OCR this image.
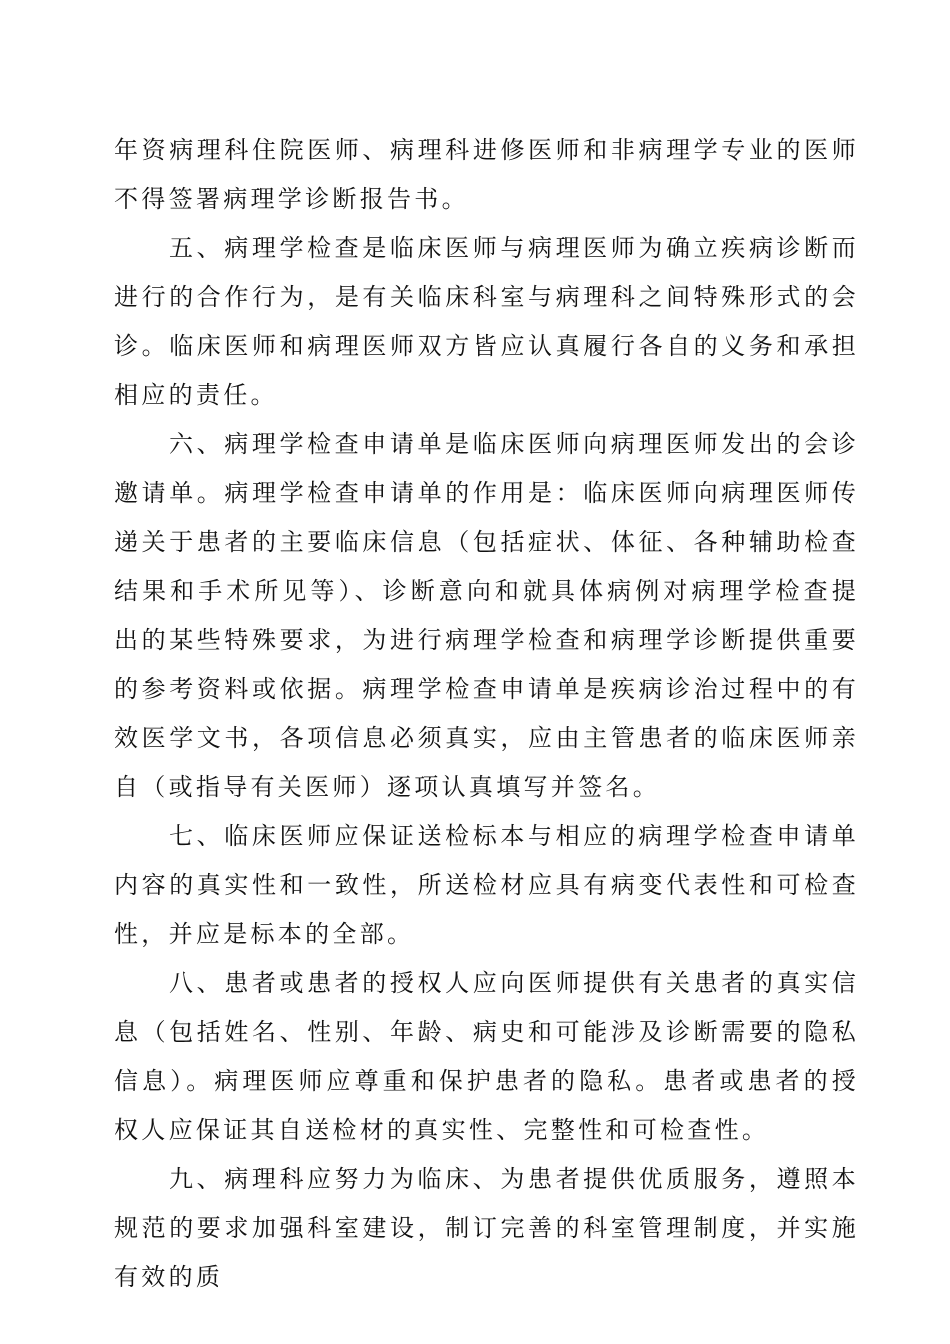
年资病理科住院医师、病理科进修医师和非病理学专业的医师不得签署病理学诊断报告书。

五、病理学检查是临床医师与病理医师为确立疾病诊断而进行的合作行为，是有关临床科室与病理科之间特殊形式的会诊。临床医师和病理医师双方皆应认真履行各自的义务和承担相应的责任。

六、病理学检查申请单是临床医师向病理医师发出的会诊邀请单。病理学检查申请单的作用是：临床医师向病理医师传递关于患者的主要临床信息（包括症状、体征、各种辅助检查结果和手术所见等）、诊断意向和就具体病例对病理学检查提出的某些特殊要求，为进行病理学检查和病理学诊断提供重要的参考资料或依据。病理学检查申请单是疾病诊治过程中的有效医学文书，各项信息必须真实，应由主管患者的临床医师亲自（或指导有关医师）逐项认真填写并签名。

七、临床医师应保证送检标本与相应的病理学检查申请单内容的真实性和一致性，所送检材应具有病变代表性和可检查性，并应是标本的全部。

八、患者或患者的授权人应向医师提供有关患者的真实信息（包括姓名、性别、年龄、病史和可能涉及诊断需要的隐私信息）。病理医师应尊重和保护患者的隐私。患者或患者的授权人应保证其自送检材的真实性、完整性和可检查性。

九、病理科应努力为临床、为患者提供优质服务，遵照本规范的要求加强科室建设，制订完善的科室管理制度，并实施有效的质
